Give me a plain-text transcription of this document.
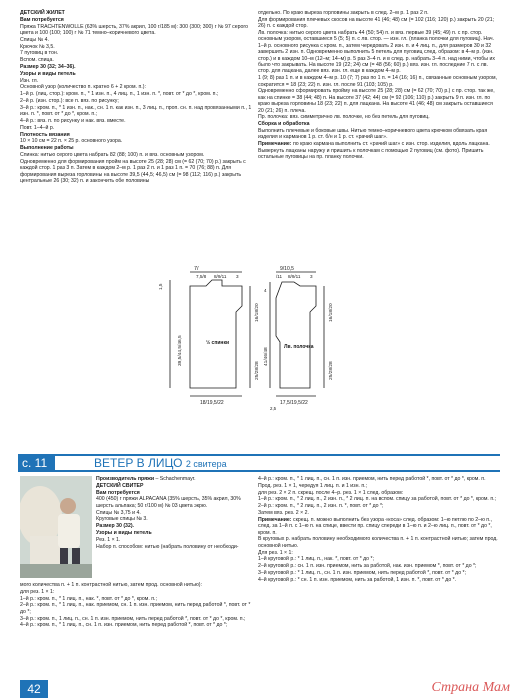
ДЕТСКИЙ ЖИЛЕТ

Вам потребуется

Пряжа TRACHTENWOLLE (63% шерсть, 37% акрил, 100 г/185 м): 300 (300; 300) г № 97 серого цвета и 100 (100; 100) г № 71 темно–коричневого цвета.

Спицы № 4.

Крючок № 3,5.

7 пуговиц в тон.

Вспом. спица.

Размер 30 (32; 34–36).

Узоры и виды петель

Изн. гл.

Основной узор (количество п. кратно 6 + 2 кром. п.):

1–й р. (лиц. стор.): кром. п., * 1 изн. п., 4 лиц. п., 1 изн. п. *, повт. от * до *, кром. п.;

2–й р. (изн. стор.): все п. вяз. по рисунку;

3–й р.: кром. п., * 1 изн. п., нак., сн. 1 п. как изн. п., 3 лиц. п., проп. сн. п. над провязанными п., 1 изн. п. *, повт. от * до *, кром. п.;

4–й р.: вяз. п. по рисунку и нак. вяз. вместе.

Повт. 1–4–й р.

Плотность вязания

10 × 10 см = 22 п. × 25 р. основного узора.

Выполнение работы

Спинка: нитью серого цвета набрать 82 (88; 100) п. и вяз. основным узором.

Одновременно для формирования пройм на высоте 25 (28; 28) см (= 62 (70; 70) р.) закрыть с каждой стор. 1 раз 3 п. Затем в каждом 2–м р. 1 раз 2 п. и 1 раз 1 п. = 70 (76; 88) п. Для формирования выреза горловины на высоте 39,5 (44,5; 46,5) см (= 98 (112; 116) р.) закрыть центральные 26 (30; 32) п. и закончить обе половины

отдельно. По краю выреза горловины закрыть в след. 2–м р. 1 раз 2 п.

Для формирования плечевых скосов на высоте 41 (46; 48) см (= 102 (116; 120) р.) закрыть 20 (21; 26) п. с каждой стор.

Лв. полочка: нитью серого цвета набрать 44 (50; 54) п. и вяз. первые 39 (45; 49) п. с пр. стор. основным узором, оставшиеся 5 (5; 5) п. с лв. стор. — изн. гл. (планка полочки для пуговиц). Нач. 1–й р. основного рисунка с кром. п., затем чередовать 2 изн. п. и 4 лиц. п., для размеров 30 и 32 завершить 2 изн. п. Одновременно выполнить 5 петель для пуговиц след. образом: в 4–м р. (изн. стор.) и в каждом 10–м (12–м; 14–м) р. 5 раз 3–4 п. и в след. р. набрать 3–4 п. над ними, чтобы их было что закрывать. На высоте 19 (22; 24) см (= 48 (56; 60) р.) вяз. изн. гл. последние 7 п. с лв. стор. для лацкана, далее вяз. изн. гл. еще в каждом 4–м р.

1 (9; 8) раз 1 п. и в каждом 4–м р. 10 (7; 7) раз по 1 п. = 14 (16; 16) п., связанные основным узором, сократится = 18 (23; 22) п. изн. гл. после 91 (103; 105) р.

Одновременно сформировать пройму на высоте 25 (28; 28) см (= 62 (70; 70) р.) с пр. стор. так же, как на спинке = 38 (44; 48) п. На высоте 37 (42; 44) см (= 92 (106; 110) р.) закрыть 9 п. изн. гл. по краю выреза горловины 18 (23; 22) п. для лацкана. На высоте 41 (46; 48) см закрыть оставшиеся 20 (21; 26) п. плеча.

Пр. полочка: вяз. симметрично лв. полочке, но без петель для пуговиц.

Сборка и обработка

Выполнить плечевые и боковые швы. Нитью темно–коричневого цвета крючком обвязать края изделия и карманов 1 р. ст. б/н и 1 р. ст. «рачий шаг».

Примечание: по краю кармана выполнить ст. «рачий шаг» с изн. стор. изделия, вдоль лацкана.

Вывернуть лацканы наружу и пришить к полочкам с помощью 2 пуговиц (см. фото). Пришить остальные пуговицы на пр. планку полочки.

7/
7,5/8 8/9/11 3
1,5
39,5/44,5/46,5
16/18/20
25/28/28
½ спинки
18/19,5/22
9/10,5
/11 8/9/11 3
4
41/46/48
16/18/20
25/28/28
Лв. полочка
17,5/19,5/22
2,5
с. 11	ВЕТЕР В ЛИЦО 2 свитера

Производитель пряжи – Schachenmayr.

ДЕТСКИЙ СВИТЕР

Вам потребуется

400 (450) г пряжи ALPACANA (35% шерсть, 35% акрил, 30% шерсть альпака; 50 г/100 м) № 03 цвета экрю.

Спицы № 3,75 и 4.

Круговые спицы № 3.

Размер 30 (32).

Узоры и виды петель

Рез. 1 × 1.

Набор п. способом: нитью (набрать половину от необходи-

мого количества п. + 1 п. контрастной нитью, затем прод. основной нитью):

для рез. 1 × 1:

1–й р.: кром. п., * 1 лиц. п., нак. *, повт. от * до *, кром. п.;

2–й р.: кром. п., * 1 лиц. п., нак. приемом, сн. 1 п. изн. приемом, нить перед работой *, повт. от * до *;

3–й р.: кром. п., 1 лиц. п., сн. 1 п. изн. приемом, нить перед работой *, повт. от * до *, кром. п.;

4–й р.: кром. п., * 1 лиц. п., сн. 1 п. изн. приемом, нить перед работой *, повт. от * до *;

4–й р.: кром. п., * 1 лиц. п., сн. 1 п. изн. приемом, нить перед работой *, повт. от * до *, кром. п.

Прод. рез. 1 × 1, чередуя 1 лиц. п. и 1 изн. п.;

для рез. 2 × 2 п. скрещ. после 4–р. рез. 1 × 1 след. образом:

1–й р.: кром. п., * 2 лиц. п., 2 изн. п., * 2 лиц. п. на вспом. спицу за работой, повт. от * до *, кром. п.;

2–й р.: кром. п., * 2 лиц. п., 2 изн. п. *, повт. от * до *;

Затем вяз. рез. 2 × 2.

Примечание: скрещ. п. можно выполнить без узора «коса» след. образом: 1–ю петлю по 2–ю п., след. за 1–й п. с 1–ю п. на спице, ввести пр. спицу спереди в 1–ю п. и 2–ю лиц. п., повт. от * до *, кром. п.

В круговых р. набрать половину необходимого количества п. + 1 п. контрастной нитью; затем прод. основной нитью.

Для рез. 1 × 1:

1–й круговой р.: * 1 лиц. п., нак. *, повт. от * до *;

2–й круговой р.: сн. 1 п. изн. приемом, нить за работой, нак. изн. приемом *, повт. от * до *;

3–й круговой р.: * 1 лиц. п., сн. 1 п. изн. приемом, нить перед работой *, повт. от * до *;

4–й круговой р.: * сн. 1 п. изн. приемом, нить за работой, 1 изн. п. *, повт. от * до *.

42	Страна Мам
